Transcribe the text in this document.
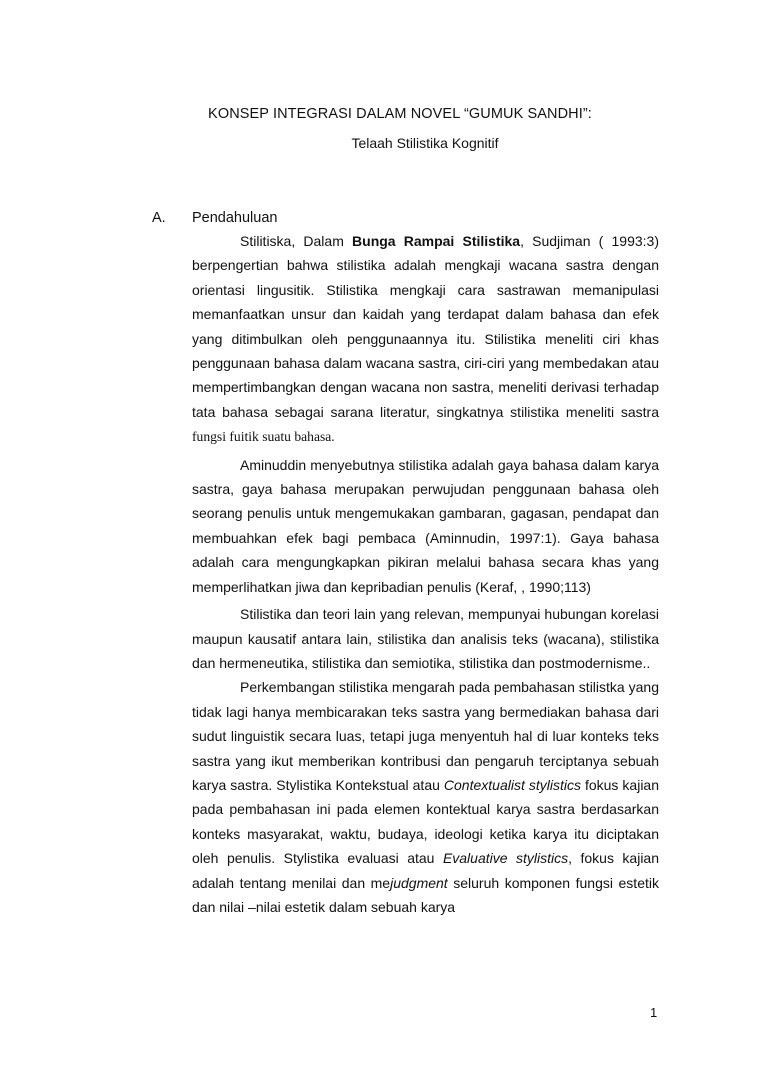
KONSEP INTEGRASI DALAM NOVEL “GUMUK SANDHI”:
Telaah Stilistika Kognitif
A. Pendahuluan

Stilitiska, Dalam Bunga Rampai Stilistika, Sudjiman ( 1993:3) berpengertian bahwa stilistika adalah mengkaji wacana sastra dengan orientasi lingusitik. Stilistika mengkaji cara sastrawan memanipulasi memanfaatkan unsur dan kaidah yang terdapat dalam bahasa dan efek yang ditimbulkan oleh penggunaannya itu. Stilistika meneliti ciri khas penggunaan bahasa dalam wacana sastra, ciri-ciri yang membedakan atau mempertimbangkan dengan wacana non sastra, meneliti derivasi terhadap tata bahasa sebagai sarana literatur, singkatnya stilistika meneliti sastra fungsi fuitik suatu bahasa.

Aminuddin menyebutnya stilistika adalah gaya bahasa dalam karya sastra, gaya bahasa merupakan perwujudan penggunaan bahasa oleh seorang penulis untuk mengemukakan gambaran, gagasan, pendapat dan membuahkan efek bagi pembaca (Aminnudin, 1997:1). Gaya bahasa adalah cara mengungkapkan pikiran melalui bahasa secara khas yang memperlihatkan jiwa dan kepribadian penulis (Keraf, , 1990;113)

Stilistika dan teori lain yang relevan, mempunyai hubungan korelasi maupun kausatif antara lain, stilistika dan analisis teks (wacana), stilistika dan hermeneutika, stilistika dan semiotika, stilistika dan postmodernisme..

Perkembangan stilistika mengarah pada pembahasan stilistka yang tidak lagi hanya membicarakan teks sastra yang bermediakan bahasa dari sudut linguistik secara luas, tetapi juga menyentuh hal di luar konteks teks sastra yang ikut memberikan kontribusi dan pengaruh terciptanya sebuah karya sastra. Stylistika Kontekstual atau Contextualist stylistics fokus kajian pada pembahasan ini pada elemen kontektual karya sastra berdasarkan konteks masyarakat, waktu, budaya, ideologi ketika karya itu diciptakan oleh penulis. Stylistika evaluasi atau Evaluative stylistics, fokus kajian adalah tentang menilai dan mejudgment seluruh komponen fungsi estetik dan nilai –nilai estetik dalam sebuah karya

1
